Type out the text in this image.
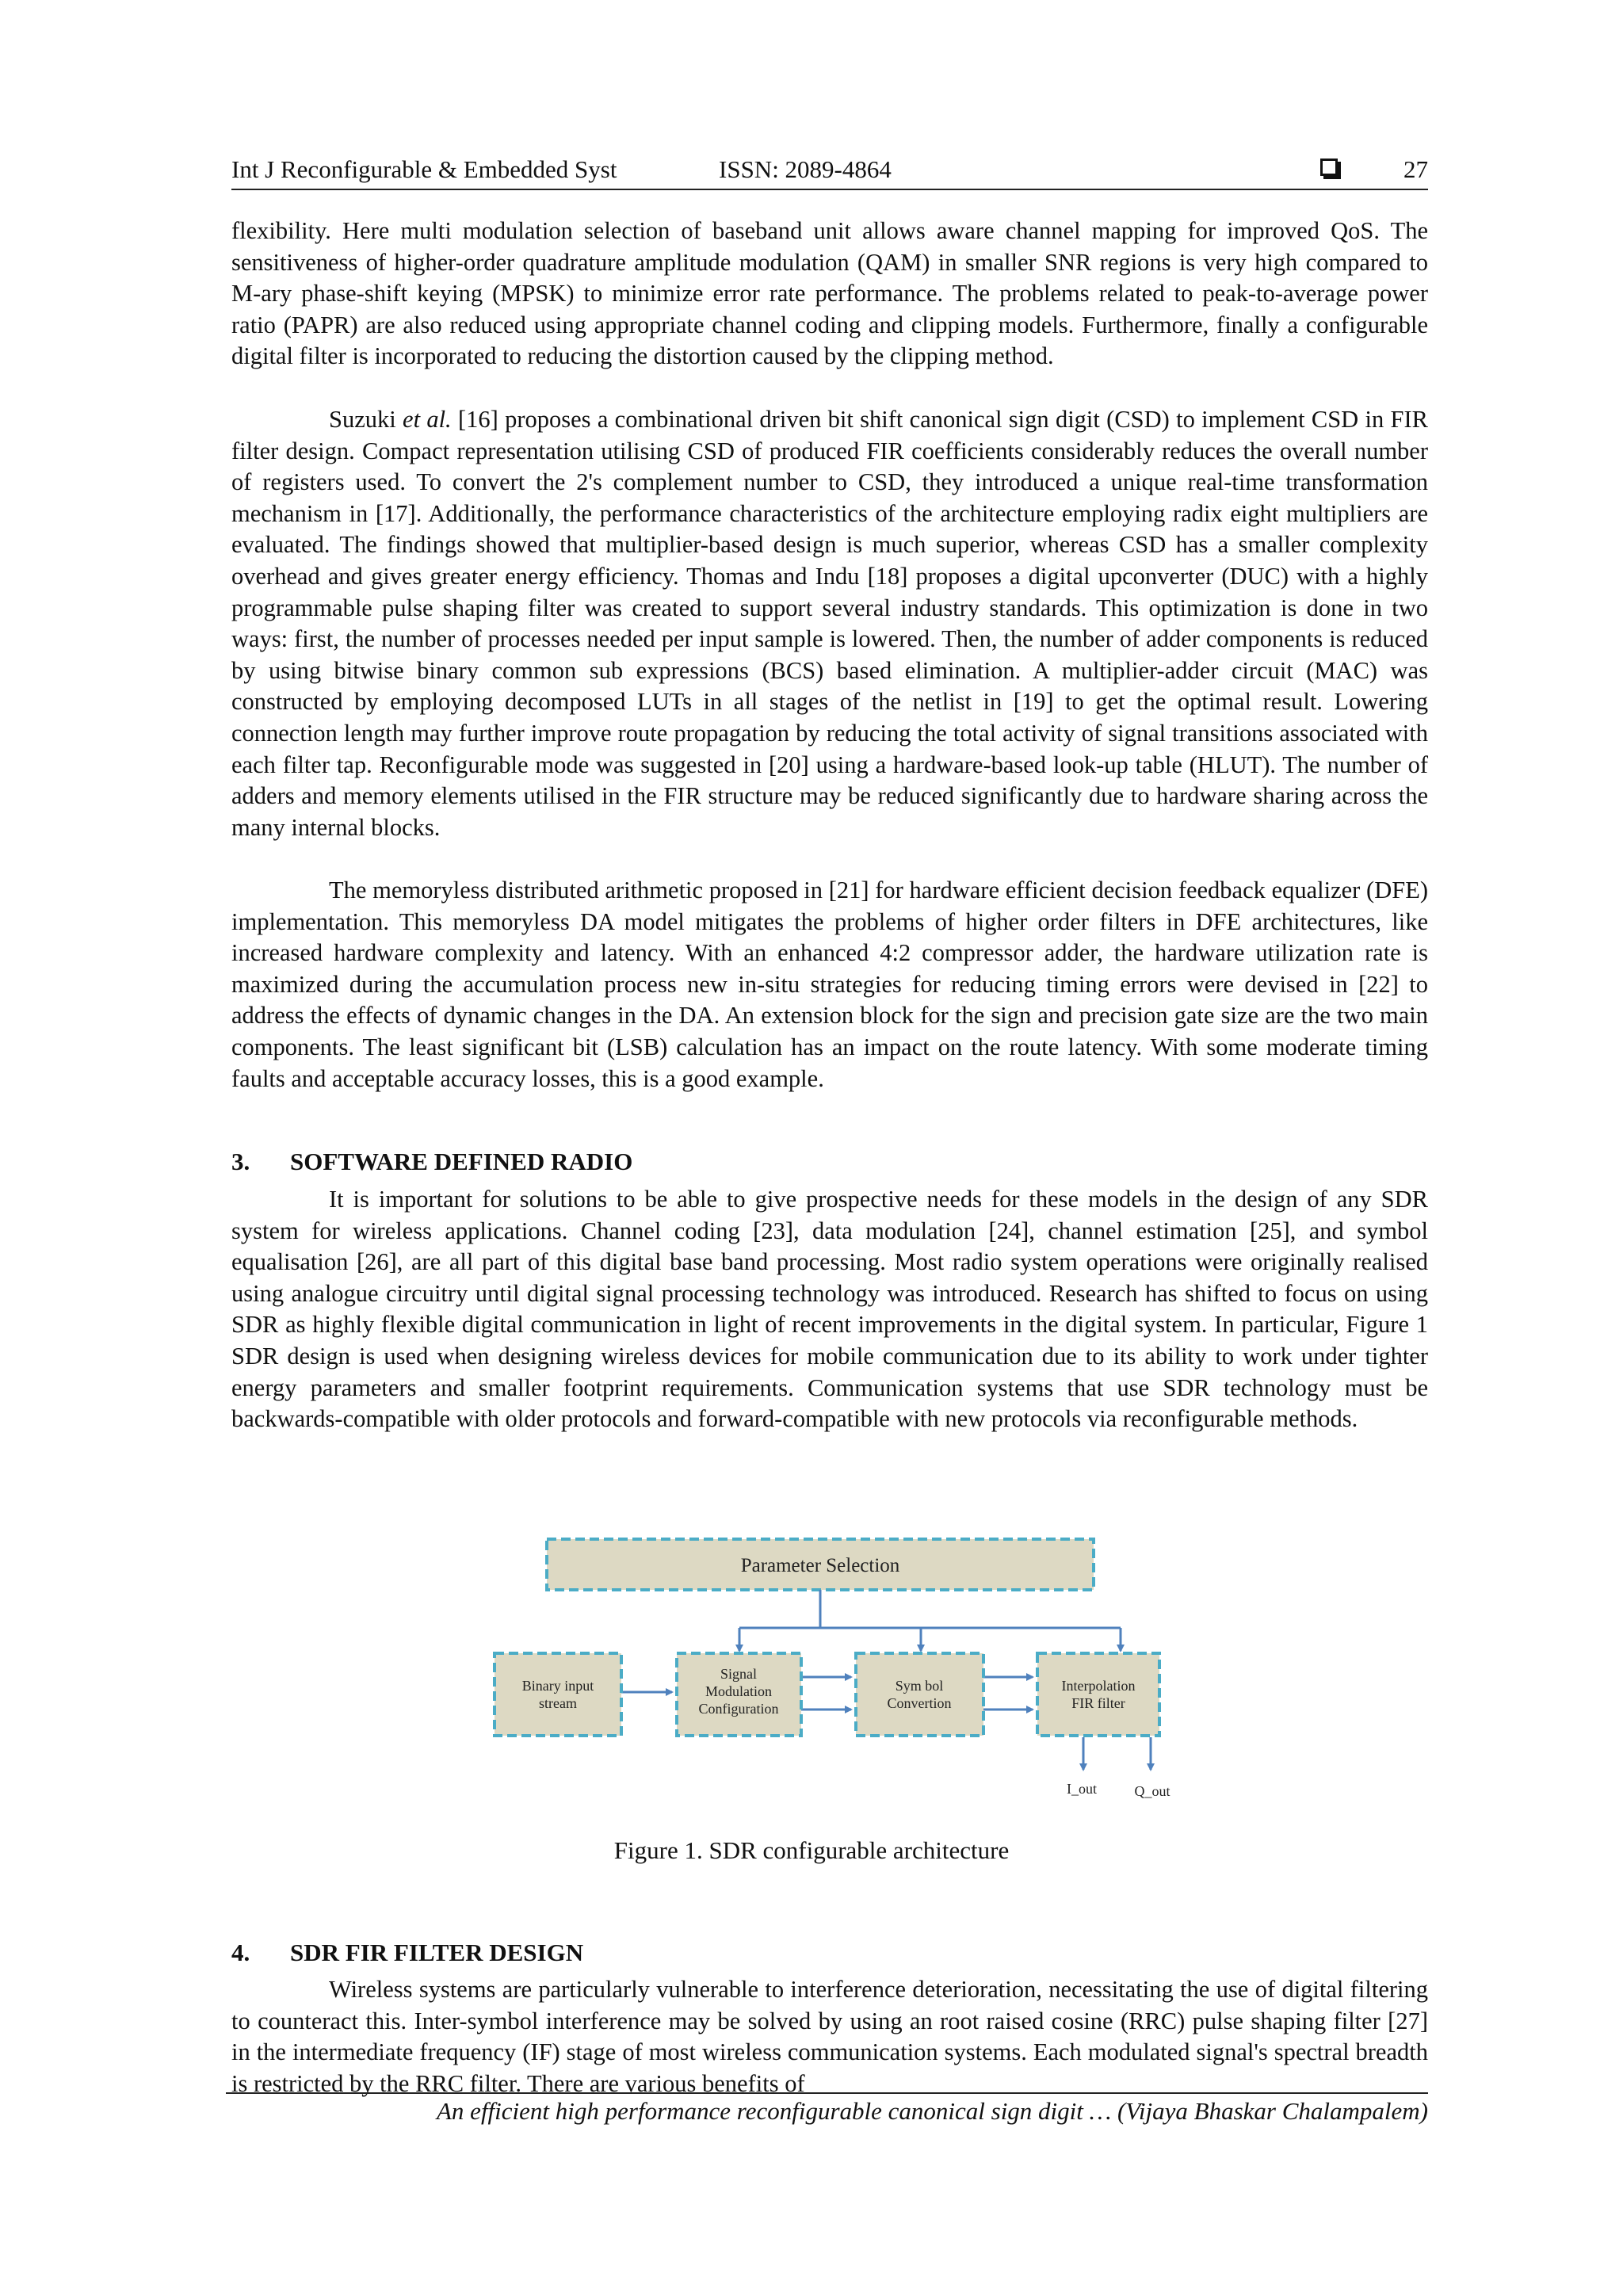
Int J Reconfigurable & Embedded Syst	ISSN: 2089-4864	27

flexibility. Here multi modulation selection of baseband unit allows aware channel mapping for improved QoS. The sensitiveness of higher-order quadrature amplitude modulation (QAM) in smaller SNR regions is very high compared to M-ary phase-shift keying (MPSK) to minimize error rate performance. The problems related to peak-to-average power ratio (PAPR) are also reduced using appropriate channel coding and clipping models. Furthermore, finally a configurable digital filter is incorporated to reducing the distortion caused by the clipping method.

Suzuki et al. [16] proposes a combinational driven bit shift canonical sign digit (CSD) to implement CSD in FIR filter design. Compact representation utilising CSD of produced FIR coefficients considerably reduces the overall number of registers used. To convert the 2's complement number to CSD, they introduced a unique real-time transformation mechanism in [17]. Additionally, the performance characteristics of the architecture employing radix eight multipliers are evaluated. The findings showed that multiplier-based design is much superior, whereas CSD has a smaller complexity overhead and gives greater energy efficiency. Thomas and Indu [18] proposes a digital upconverter (DUC) with a highly programmable pulse shaping filter was created to support several industry standards. This optimization is done in two ways: first, the number of processes needed per input sample is lowered. Then, the number of adder components is reduced by using bitwise binary common sub expressions (BCS) based elimination. A multiplier-adder circuit (MAC) was constructed by employing decomposed LUTs in all stages of the netlist in [19] to get the optimal result. Lowering connection length may further improve route propagation by reducing the total activity of signal transitions associated with each filter tap. Reconfigurable mode was suggested in [20] using a hardware-based look-up table (HLUT). The number of adders and memory elements utilised in the FIR structure may be reduced significantly due to hardware sharing across the many internal blocks.

The memoryless distributed arithmetic proposed in [21] for hardware efficient decision feedback equalizer (DFE) implementation. This memoryless DA model mitigates the problems of higher order filters in DFE architectures, like increased hardware complexity and latency. With an enhanced 4:2 compressor adder, the hardware utilization rate is maximized during the accumulation process new in-situ strategies for reducing timing errors were devised in [22] to address the effects of dynamic changes in the DA. An extension block for the sign and precision gate size are the two main components. The least significant bit (LSB) calculation has an impact on the route latency. With some moderate timing faults and acceptable accuracy losses, this is a good example.

3. SOFTWARE DEFINED RADIO

It is important for solutions to be able to give prospective needs for these models in the design of any SDR system for wireless applications. Channel coding [23], data modulation [24], channel estimation [25], and symbol equalisation [26], are all part of this digital base band processing. Most radio system operations were originally realised using analogue circuitry until digital signal processing technology was introduced. Research has shifted to focus on using SDR as highly flexible digital communication in light of recent improvements in the digital system. In particular, Figure 1 SDR design is used when designing wireless devices for mobile communication due to its ability to work under tighter energy parameters and smaller footprint requirements. Communication systems that use SDR technology must be backwards-compatible with older protocols and forward-compatible with new protocols via reconfigurable methods.

Parameter Selection
Binary input
stream
Signal
Modulation
Configuration
Sym bol
Convertion
Interpolation
FIR filter
I_out	Q_out
Figure 1. SDR configurable architecture
4. SDR FIR FILTER DESIGN

Wireless systems are particularly vulnerable to interference deterioration, necessitating the use of digital filtering to counteract this. Inter-symbol interference may be solved by using an root raised cosine (RRC) pulse shaping filter [27] in the intermediate frequency (IF) stage of most wireless communication systems. Each modulated signal's spectral breadth is restricted by the RRC filter. There are various benefits of

An efficient high performance reconfigurable canonical sign digit … (Vijaya Bhaskar Chalampalem)
